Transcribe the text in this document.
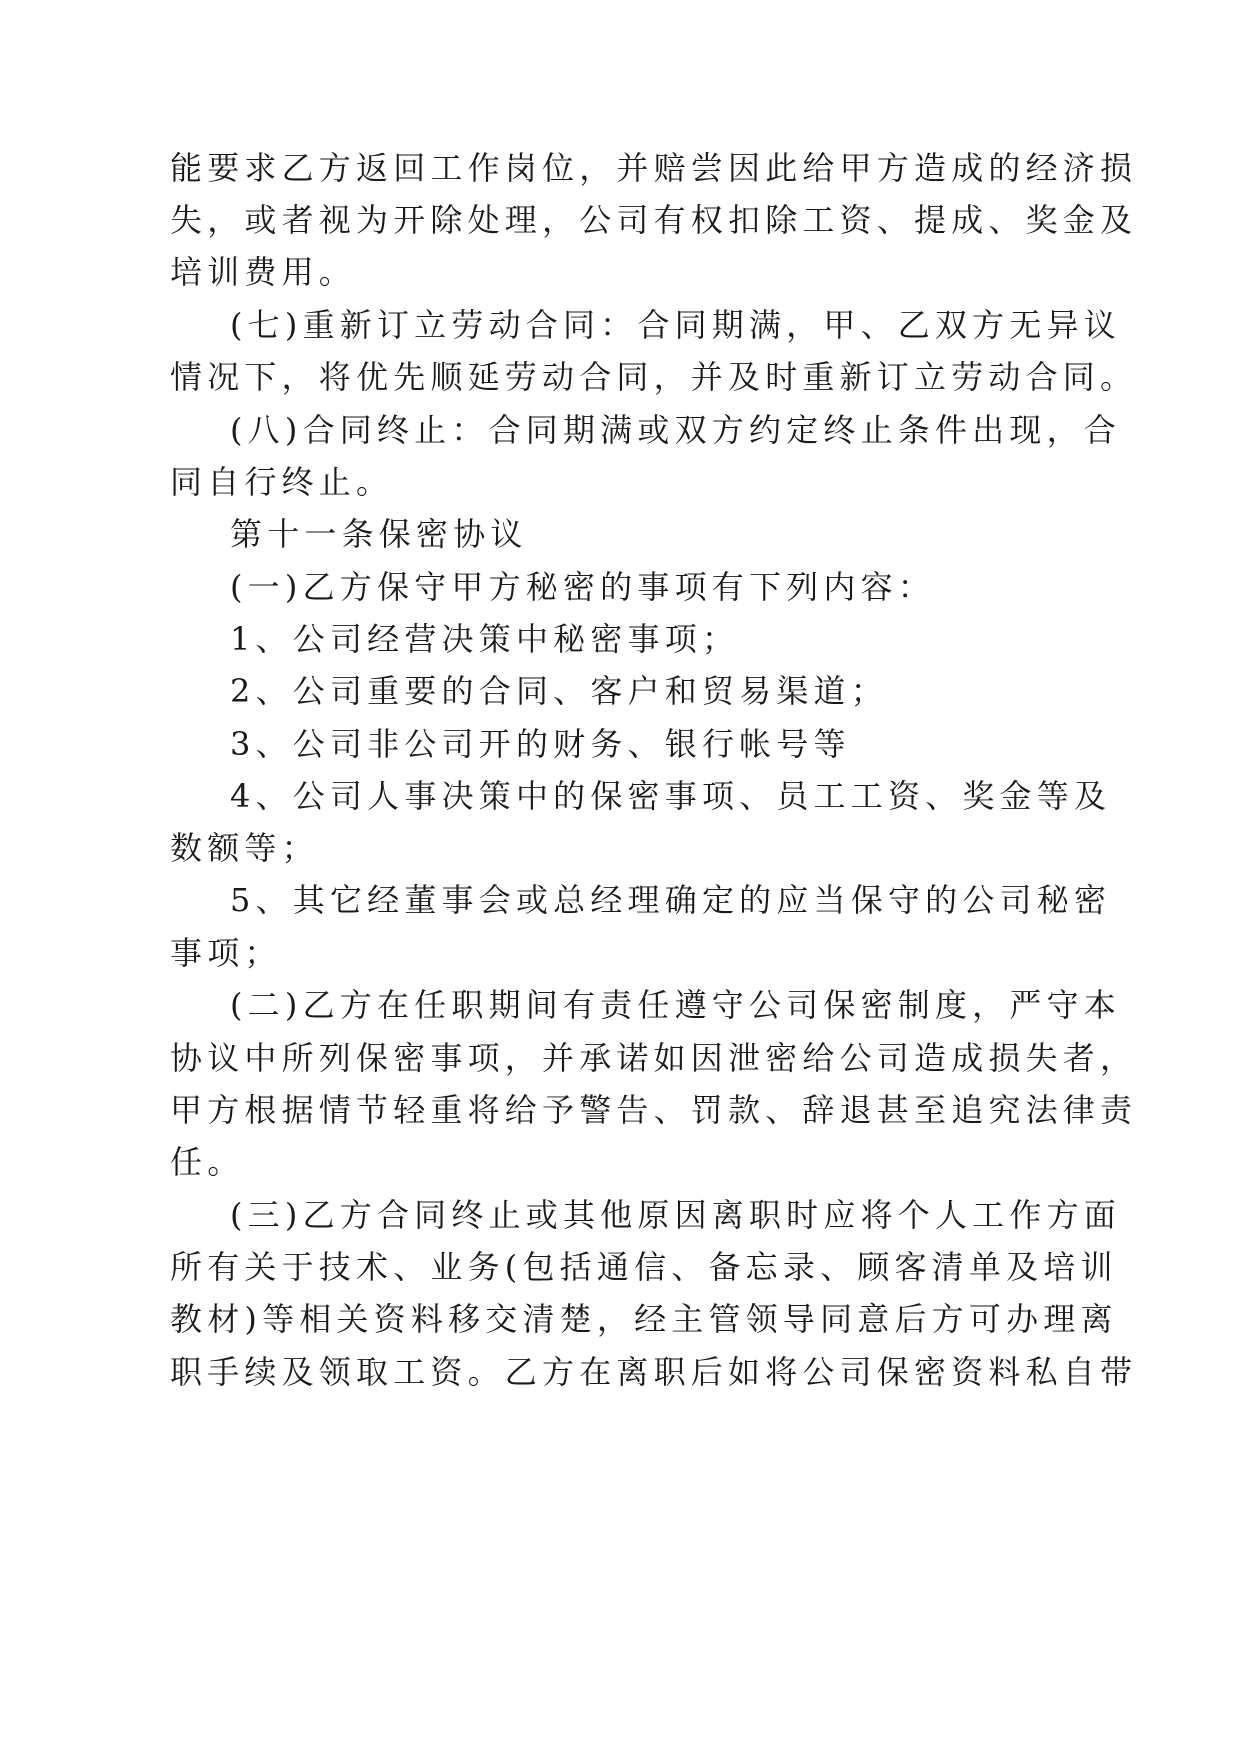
能要求乙方返回工作岗位，并赔尝因此给甲方造成的经济损
失，或者视为开除处理，公司有权扣除工资、提成、奖金及
培训费用。
(七)重新订立劳动合同：合同期满，甲、乙双方无异议
情况下，将优先顺延劳动合同，并及时重新订立劳动合同。
(八)合同终止：合同期满或双方约定终止条件出现，合
同自行终止。
第十一条保密协议
(一)乙方保守甲方秘密的事项有下列内容：
1、公司经营决策中秘密事项；
2、公司重要的合同、客户和贸易渠道；
3、公司非公司开的财务、银行帐号等
4、公司人事决策中的保密事项、员工工资、奖金等及
数额等；
5、其它经董事会或总经理确定的应当保守的公司秘密
事项；
(二)乙方在任职期间有责任遵守公司保密制度，严守本
协议中所列保密事项，并承诺如因泄密给公司造成损失者，
甲方根据情节轻重将给予警告、罚款、辞退甚至追究法律责
任。
(三)乙方合同终止或其他原因离职时应将个人工作方面
所有关于技术、业务(包括通信、备忘录、顾客清单及培训
教材)等相关资料移交清楚，经主管领导同意后方可办理离
职手续及领取工资。乙方在离职后如将公司保密资料私自带
